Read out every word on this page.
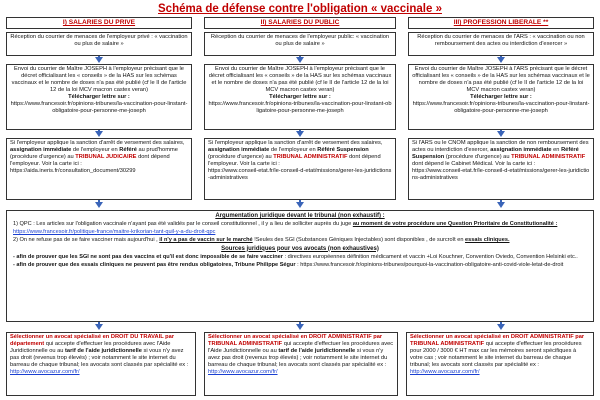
Schéma de défense contre l'obligation « vaccinale »
I) SALARIES DU PRIVE	II) SALARIES DU PUBLIC	III) PROFESSION LIBERALE **
Réception du courrier de menaces de l'employeur privé : « vaccination ou plus de salaire »
Réception du courrier de menaces de l'employeur public: « vaccination ou plus de salaire »
Réception du courrier de menaces de l'ARS : « vaccination ou non remboursement des actes ou interdiction d'exercer »
Envoi du courrier de Maître JOSEPH à l'employeur précisant que le décret officialisant les « conseils » de la HAS sur les schémas vaccinaux et le nombre de doses n'a pas été publié (cf le II de l'article 12 de la loi MCV macron castex veran)
Télécharger lettre sur :
https://www.francesoir.fr/opinions-tribunes/la-vaccination-pour-linstant-obligatoire-pour-personne-me-joseph
Envoi du courrier de Maître JOSEPH à l'employeur précisant que le décret officialisant les « conseils » de la HAS sur les schémas vaccinaux et le nombre de doses n'a pas été publié (cf le II de l'article 12 de la loi MCV macron castex veran)
Télécharger lettre sur :
https://www.francesoir.fr/opinions-tribunes/la-vaccination-pour-linstant-obligatoire-pour-personne-me-joseph
Envoi du courrier de Maître JOSEPH à l'ARS précisant que le décret officialisant les « conseils » de la HAS sur les schémas vaccinaux et le nombre de doses n'a pas été publié (cf le II de l'article 12 de la loi MCV macron castex veran)
Télécharger lettre sur :
https://www.francesoir.fr/opinions-tribunes/la-vaccination-pour-linstant-obligatoire-pour-personne-me-joseph
Si l'employeur applique la sanction d'arrêt de versement des salaires, assignation immédiate de l'employeur en Référé au prud'homme (procédure d'urgence) au TRIBUNAL JUDICAIRE dont dépend l'employeur. Voir la carte ici :
https://aida.ineris.fr/consultation_document/30299
Si l'employeur applique la sanction d'arrêt de versement des salaires, assignation immédiate de l'employeur en Référé Suspension (procédure d'urgence) au TRIBUNAL ADMINISTRATIF dont dépend l'employeur. Voir la carte ici :
https://www.conseil-etat.fr/le-conseil-d-etat/missions/gerer-les-juridictions-administratives
Si l'ARS ou le CNOM applique la sanction de non remboursement des actes ou interdiction d'exercer, assignation immédiate en Référé Suspension (procédure d'urgence) au TRIBUNAL ADMINISTRATIF dont dépend le Cabinet Médical. Voir la carte ici :
https://www.conseil-etat.fr/le-conseil-d-etat/missions/gerer-les-juridictions-administratives
Argumentation juridique devant le tribunal (non exhaustif) :
1) QPC : Les articles sur l'obligation vaccinale n'ayant pas été validés par le conseil constitutionnel , il y a lieu de solliciter auprès du juge au moment de votre procédure une Question Prioritaire de Constitutionalité : https://www.francesoir.fr/politique-france/maitre-krikorian-tant-quil-y-a-du-droit-qpc
2) On ne refuse pas de se faire vacciner mais aujourd'hui , il n'y a pas de vaccin sur le marché !Seules des SGI (Substances Géniques Injectables) sont disponibles , de surcroît en essais cliniques.
Sources juridiques pour vos avocats (non exhaustives)
- afin de prouver que les SGI ne sont pas des vaccins et qu'il est donc impossible de se faire vacciner : directives européennes définition médicament et vaccin +Loi Kouchner, Convention Oviedo, Convention Helsinki etc..
- afin de prouver que des essais cliniques ne peuvent pas être rendus obligatoires, Tribune Philippe Ségur : https://www.francesoir.fr/opinions-tribunes/pourquoi-la-vaccination-obligatoire-anti-covid-viole-letat-de-droit
Sélectionner un avocat spécialisé en DROIT DU TRAVAIL par département qui accepte d'effectuer les procédures avec l'Aide Juridictionnelle ou au tarif de l'aide juridictionnelle si vous n'y avez pas droit (revenus trop élevés) ; voir notamment le site internet du barreau de chaque tribunal; les avocats sont classés par spécialité ex : http://www.avocazur.com/fr/
Sélectionner un avocat spécialisé en DROIT ADMINISTRATIF par TRIBUNAL ADMINISTRATIF qui accepte d'effectuer les procédures avec l'Aide Juridictionnelle ou au tarif de l'aide juridictionnelle si vous n'y avez pas droit (revenus trop élevés) ; voir notamment le site internet du barreau de chaque tribunal; les avocats sont classés par spécialité ex : http://www.avocazur.com/fr/
Sélectionner un avocat spécialisé en DROIT ADMINISTRATIF par TRIBUNAL ADMINISTRATIF qui accepte d'effectuer les procédures pour 2000 / 3000 € HT max car les mémoires seront spécifiques à votre cas ; voir notamment le site internet du barreau de chaque tribunal; les avocats sont classés par spécialité ex : http://www.avocazur.com/fr/
